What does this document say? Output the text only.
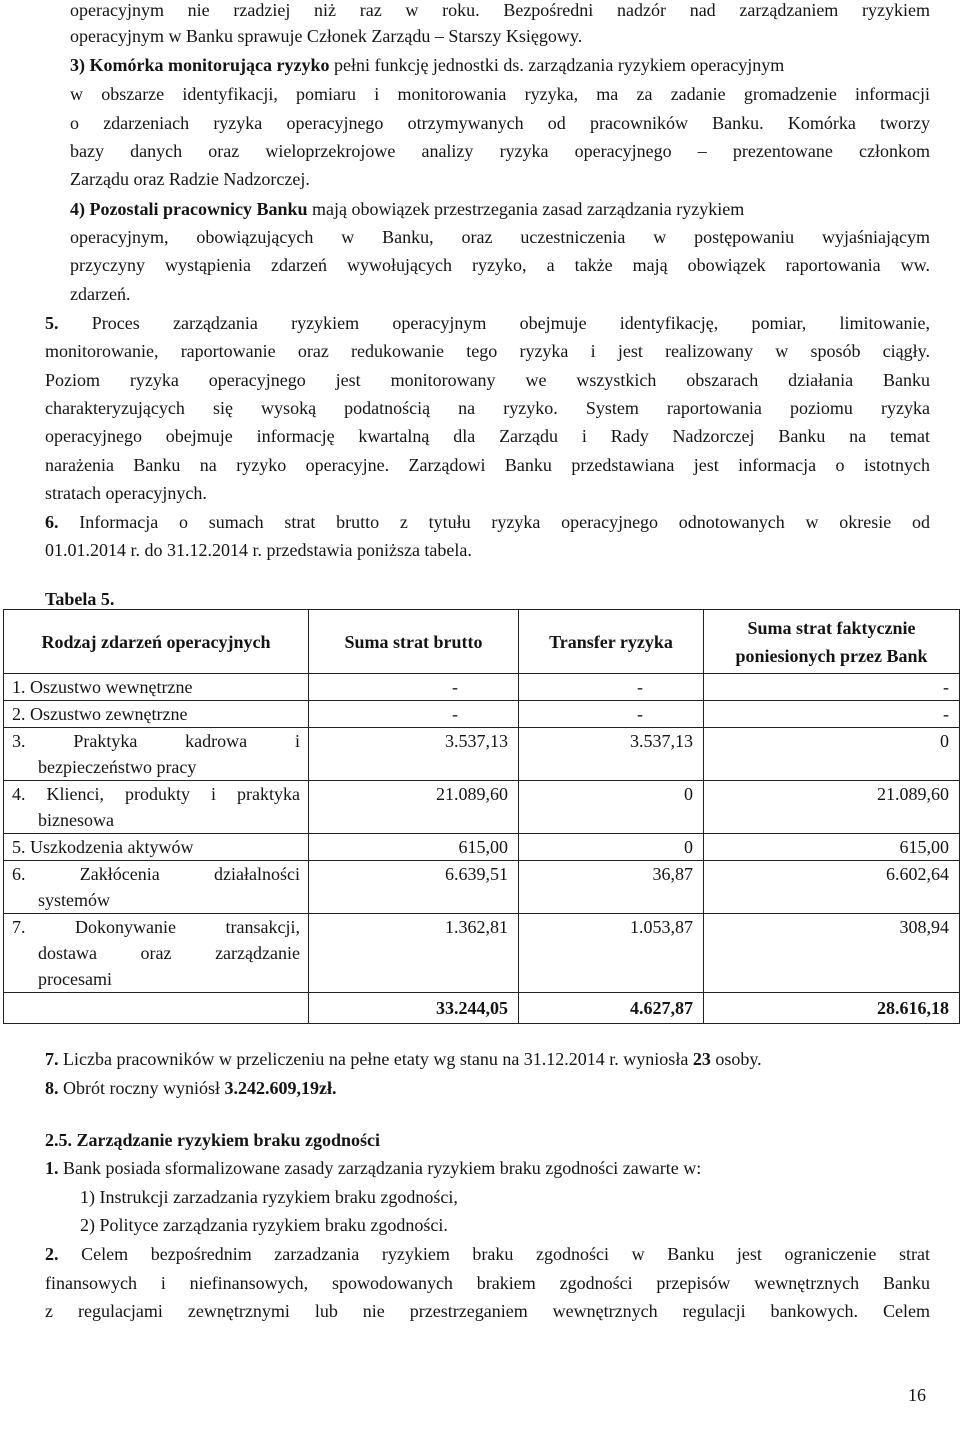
operacyjnym nie rzadziej niż raz w roku. Bezpośredni nadzór nad zarządzaniem ryzykiem

operacyjnym w Banku sprawuje Członek Zarządu – Starszy Księgowy.

3) Komórka monitorująca ryzyko pełni funkcję jednostki ds. zarządzania ryzykiem operacyjnym

w obszarze identyfikacji, pomiaru i monitorowania ryzyka, ma za zadanie gromadzenie informacji

o zdarzeniach ryzyka operacyjnego otrzymywanych od pracowników Banku. Komórka tworzy

bazy danych oraz wieloprzekrojowe analizy ryzyka operacyjnego – prezentowane członkom

Zarządu oraz Radzie Nadzorczej.

4) Pozostali pracownicy Banku mają obowiązek przestrzegania zasad zarządzania ryzykiem

operacyjnym, obowiązujących w Banku, oraz uczestniczenia w postępowaniu wyjaśniającym

przyczyny wystąpienia zdarzeń wywołujących ryzyko, a także mają obowiązek raportowania ww.

zdarzeń.

5. Proces zarządzania ryzykiem operacyjnym obejmuje identyfikację, pomiar, limitowanie,

monitorowanie, raportowanie oraz redukowanie tego ryzyka i jest realizowany w sposób ciągły.

Poziom ryzyka operacyjnego jest monitorowany we wszystkich obszarach działania Banku

charakteryzujących się wysoką podatnością na ryzyko. System raportowania poziomu ryzyka

operacyjnego obejmuje informację kwartalną dla Zarządu i Rady Nadzorczej Banku na temat

narażenia Banku na ryzyko operacyjne. Zarządowi Banku przedstawiana jest informacja o istotnych

stratach operacyjnych.

6. Informacja o sumach strat brutto z tytułu ryzyka operacyjnego odnotowanych w okresie od

01.01.2014 r. do 31.12.2014 r. przedstawia poniższa tabela.

Tabela 5.
Rodzaj zdarzeń operacyjnych	Suma strat brutto	Transfer ryzyka	Suma strat faktycznie poniesionych przez Bank
1. Oszustwo wewnętrzne	-	-	-
2. Oszustwo zewnętrzne	-	-	-

3. Praktyka kadrowa i
bezpieczeństwo pracy	3.537,13	3.537,13	0

4. Klienci, produkty i praktyka
biznesowa	21.089,60	0	21.089,60
5. Uszkodzenia aktywów	615,00	0	615,00

6. Zakłócenia działalności
systemów	6.639,51	36,87	6.602,64

7. Dokonywanie transakcji,
dostawa oraz zarządzanie
procesami	1.362,81	1.053,87	308,94
	33.244,05	4.627,87	28.616,18
7. Liczba pracowników w przeliczeniu na pełne etaty wg stanu na 31.12.2014 r. wyniosła 23 osoby.
8. Obrót roczny wyniósł 3.242.609,19zł.
2.5. Zarządzanie ryzykiem braku zgodności
1. Bank posiada sformalizowane zasady zarządzania ryzykiem braku zgodności zawarte w:
1) Instrukcji zarzadzania ryzykiem braku zgodności,
2) Polityce zarządzania ryzykiem braku zgodności.

2. Celem bezpośrednim zarzadzania ryzykiem braku zgodności w Banku jest ograniczenie strat

finansowych i niefinansowych, spowodowanych brakiem zgodności przepisów wewnętrznych Banku

z regulacjami zewnętrznymi lub nie przestrzeganiem wewnętrznych regulacji bankowych. Celem

16
